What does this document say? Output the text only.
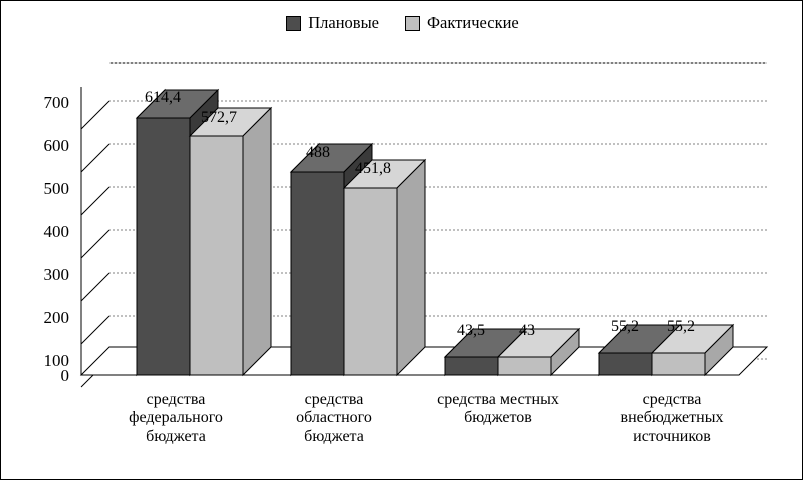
Плановые	Фактические
700
600
500
400
300
200
100
0
614,4
572,7
488
451,8
43,5	43	55,2	55,2
средства
федерального
бюджета
средства
областного
бюджета
средства местных
бюджетов
средства
внебюджетных
источников
